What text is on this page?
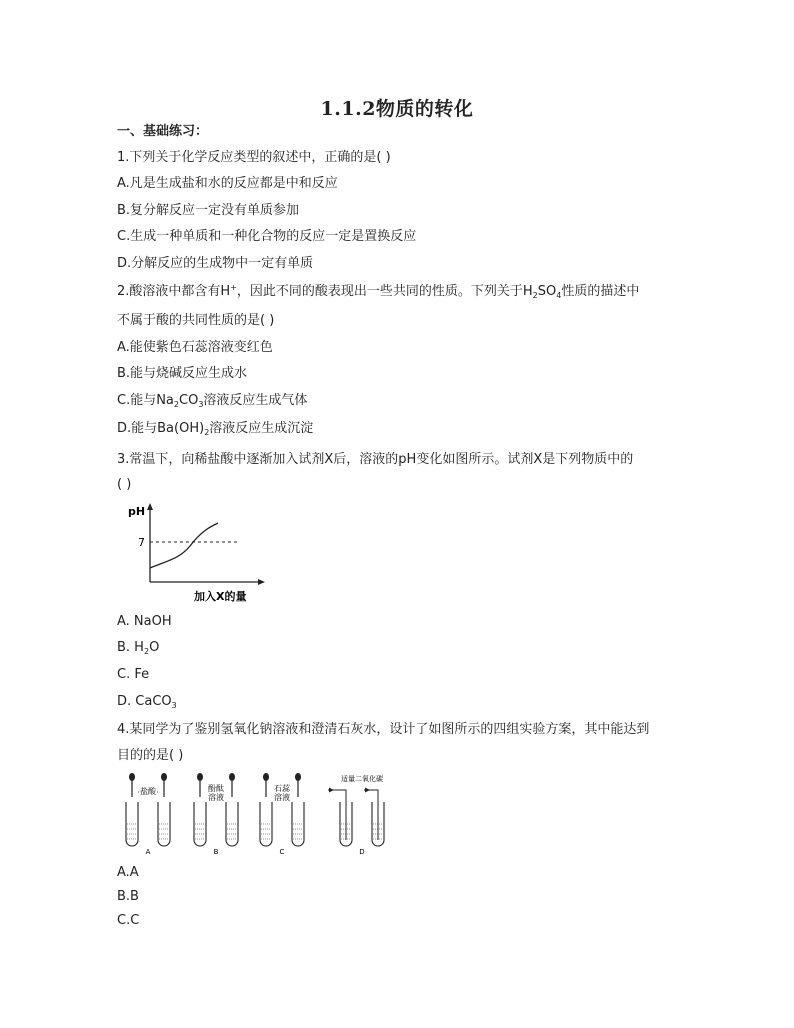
1.1.2物质的转化
一、基础练习：
1.下列关于化学反应类型的叙述中，正确的是( )
A.凡是生成盐和水的反应都是中和反应
B.复分解反应一定没有单质参加
C.生成一种单质和一种化合物的反应一定是置换反应
D.分解反应的生成物中一定有单质
2.酸溶液中都含有H+，因此不同的酸表现出一些共同的性质。下列关于$H_2SO_4$性质的描述中
不属于酸的共同性质的是( )
A.能使紫色石蕊溶液变红色
B.能与烧碱反应生成水
C.能与$Na_2CO_3$溶液反应生成气体
D.能与$Ba(OH)_2$溶液反应生成沉淀
3.常温下，向稀盐酸中逐渐加入试剂X后，溶液的pH变化如图所示。试剂X是下列物质中的
( )
pH
7
加入X的量
A. NaOH
B. $H_2O$
C. Fe
D. CaCO$_3$
4.某同学为了鉴别氢氧化钠溶液和澄清石灰水，设计了如图所示的四组实验方案，其中能达到
目的的是( )
盐酸
A
酚酞
溶液
B
石蕊
溶液
C
适量二氧化碳
D
A.A
B.B
C.C
